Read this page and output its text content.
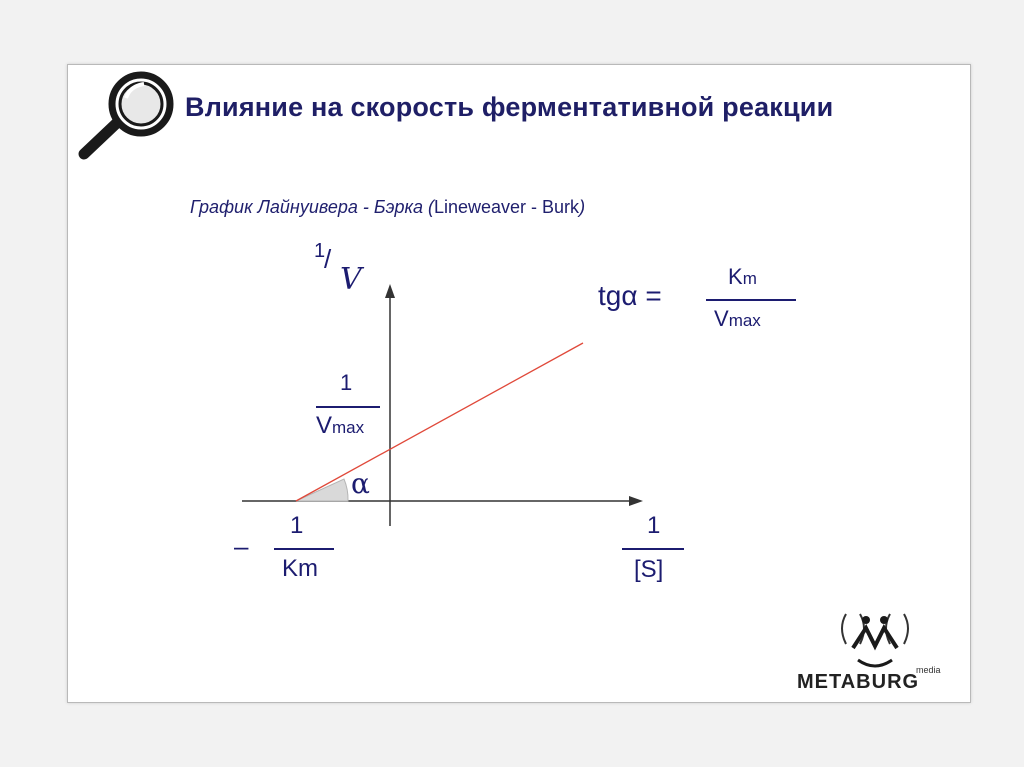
Влияние на скорость ферментативной реакции
График Лайнуивера - Бэрка (Lineweaver - Burk)
1
/
V
1
Vmax
α
–
1
Km
1
[S]
tgα =
Km
Vmax
media
METABURG
